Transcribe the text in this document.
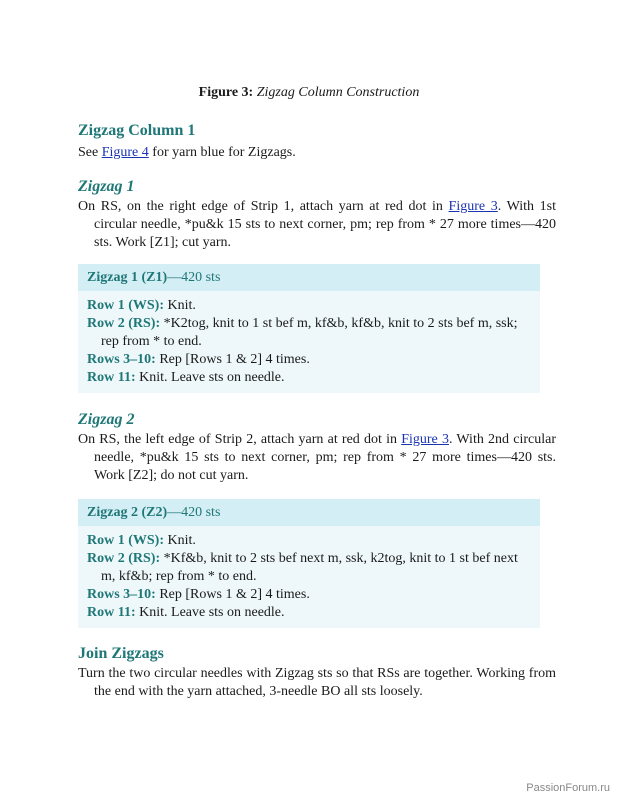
Figure 3: Zigzag Column Construction
Zigzag Column 1
See Figure 4 for yarn blue for Zigzags.
Zigzag 1
On RS, on the right edge of Strip 1, attach yarn at red dot in Figure 3. With 1st circular needle, *pu&k 15 sts to next corner, pm; rep from * 27 more times—420 sts. Work [Z1]; cut yarn.
Zigzag 1 (Z1)—420 sts
Row 1 (WS): Knit.
Row 2 (RS): *K2tog, knit to 1 st bef m, kf&b, kf&b, knit to 2 sts bef m, ssk; rep from * to end.
Rows 3–10: Rep [Rows 1 & 2] 4 times.
Row 11: Knit. Leave sts on needle.
Zigzag 2
On RS, the left edge of Strip 2, attach yarn at red dot in Figure 3. With 2nd circular needle, *pu&k 15 sts to next corner, pm; rep from * 27 more times—420 sts. Work [Z2]; do not cut yarn.
Zigzag 2 (Z2)—420 sts
Row 1 (WS): Knit.
Row 2 (RS): *Kf&b, knit to 2 sts bef next m, ssk, k2tog, knit to 1 st bef next m, kf&b; rep from * to end.
Rows 3–10: Rep [Rows 1 & 2] 4 times.
Row 11: Knit. Leave sts on needle.
Join Zigzags
Turn the two circular needles with Zigzag sts so that RSs are together. Working from the end with the yarn attached, 3-needle BO all sts loosely.
PassionForum.ru
